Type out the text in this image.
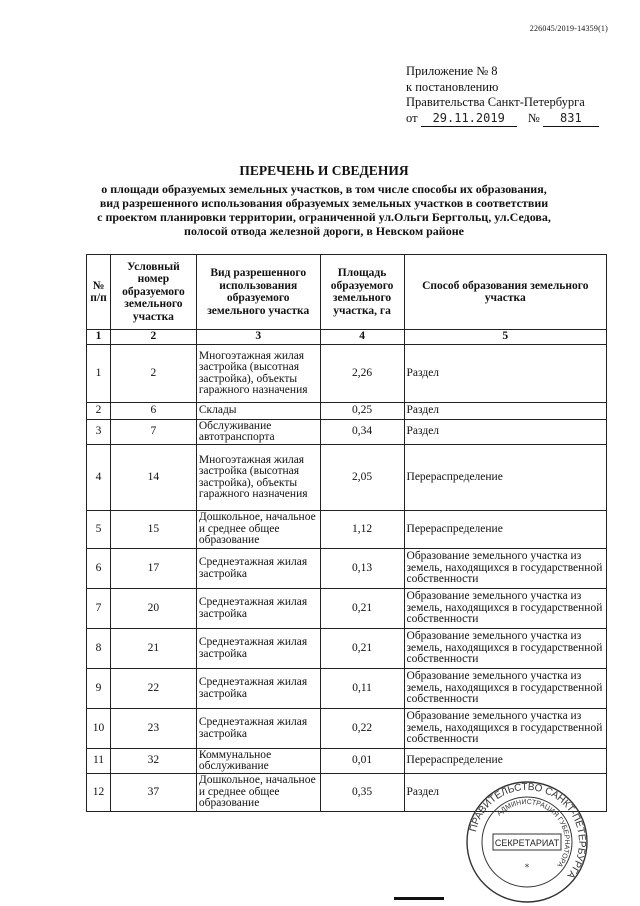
226045/2019-14359(1)
Приложение № 8
к постановлению
Правительства Санкт-Петербурга
от 29.11.2019 № 831
ПЕРЕЧЕНЬ И СВЕДЕНИЯ
о площади образуемых земельных участков, в том числе способы их образования,
вид разрешенного использования образуемых земельных участков в соответствии
с проектом планировки территории, ограниченной ул.Ольги Берггольц, ул.Седова,
полосой отвода железной дороги, в Невском районе
№ п/п	Условный номер образуемого земельного участка	Вид разрешенного использования образуемого земельного участка	Площадь образуемого земельного участка, га	Способ образования земельного участка
1	2	3	4	5
1	2	Многоэтажная жилая застройка (высотная застройка), объекты гаражного назначения	2,26	Раздел
2	6	Склады	0,25	Раздел
3	7	Обслуживание автотранспорта	0,34	Раздел
4	14	Многоэтажная жилая застройка (высотная застройка), объекты гаражного назначения	2,05	Перераспределение
5	15	Дошкольное, начальное и среднее общее образование	1,12	Перераспределение
6	17	Среднеэтажная жилая застройка	0,13	Образование земельного участка из земель, находящихся в государственной собственности
7	20	Среднеэтажная жилая застройка	0,21	Образование земельного участка из земель, находящихся в государственной собственности
8	21	Среднеэтажная жилая застройка	0,21	Образование земельного участка из земель, находящихся в государственной собственности
9	22	Среднеэтажная жилая застройка	0,11	Образование земельного участка из земель, находящихся в государственной собственности
10	23	Среднеэтажная жилая застройка	0,22	Образование земельного участка из земель, находящихся в государственной собственности
11	32	Коммунальное обслуживание	0,01	Перераспределение
12	37	Дошкольное, начальное и среднее общее образование	0,35	Раздел
ПРАВИТЕЛЬСТВО САНКТ-ПЕТЕРБУРГА
АДМИНИСТРАЦИЯ ГУБЕРНАТОРА
СЕКРЕТАРИАТ
*
